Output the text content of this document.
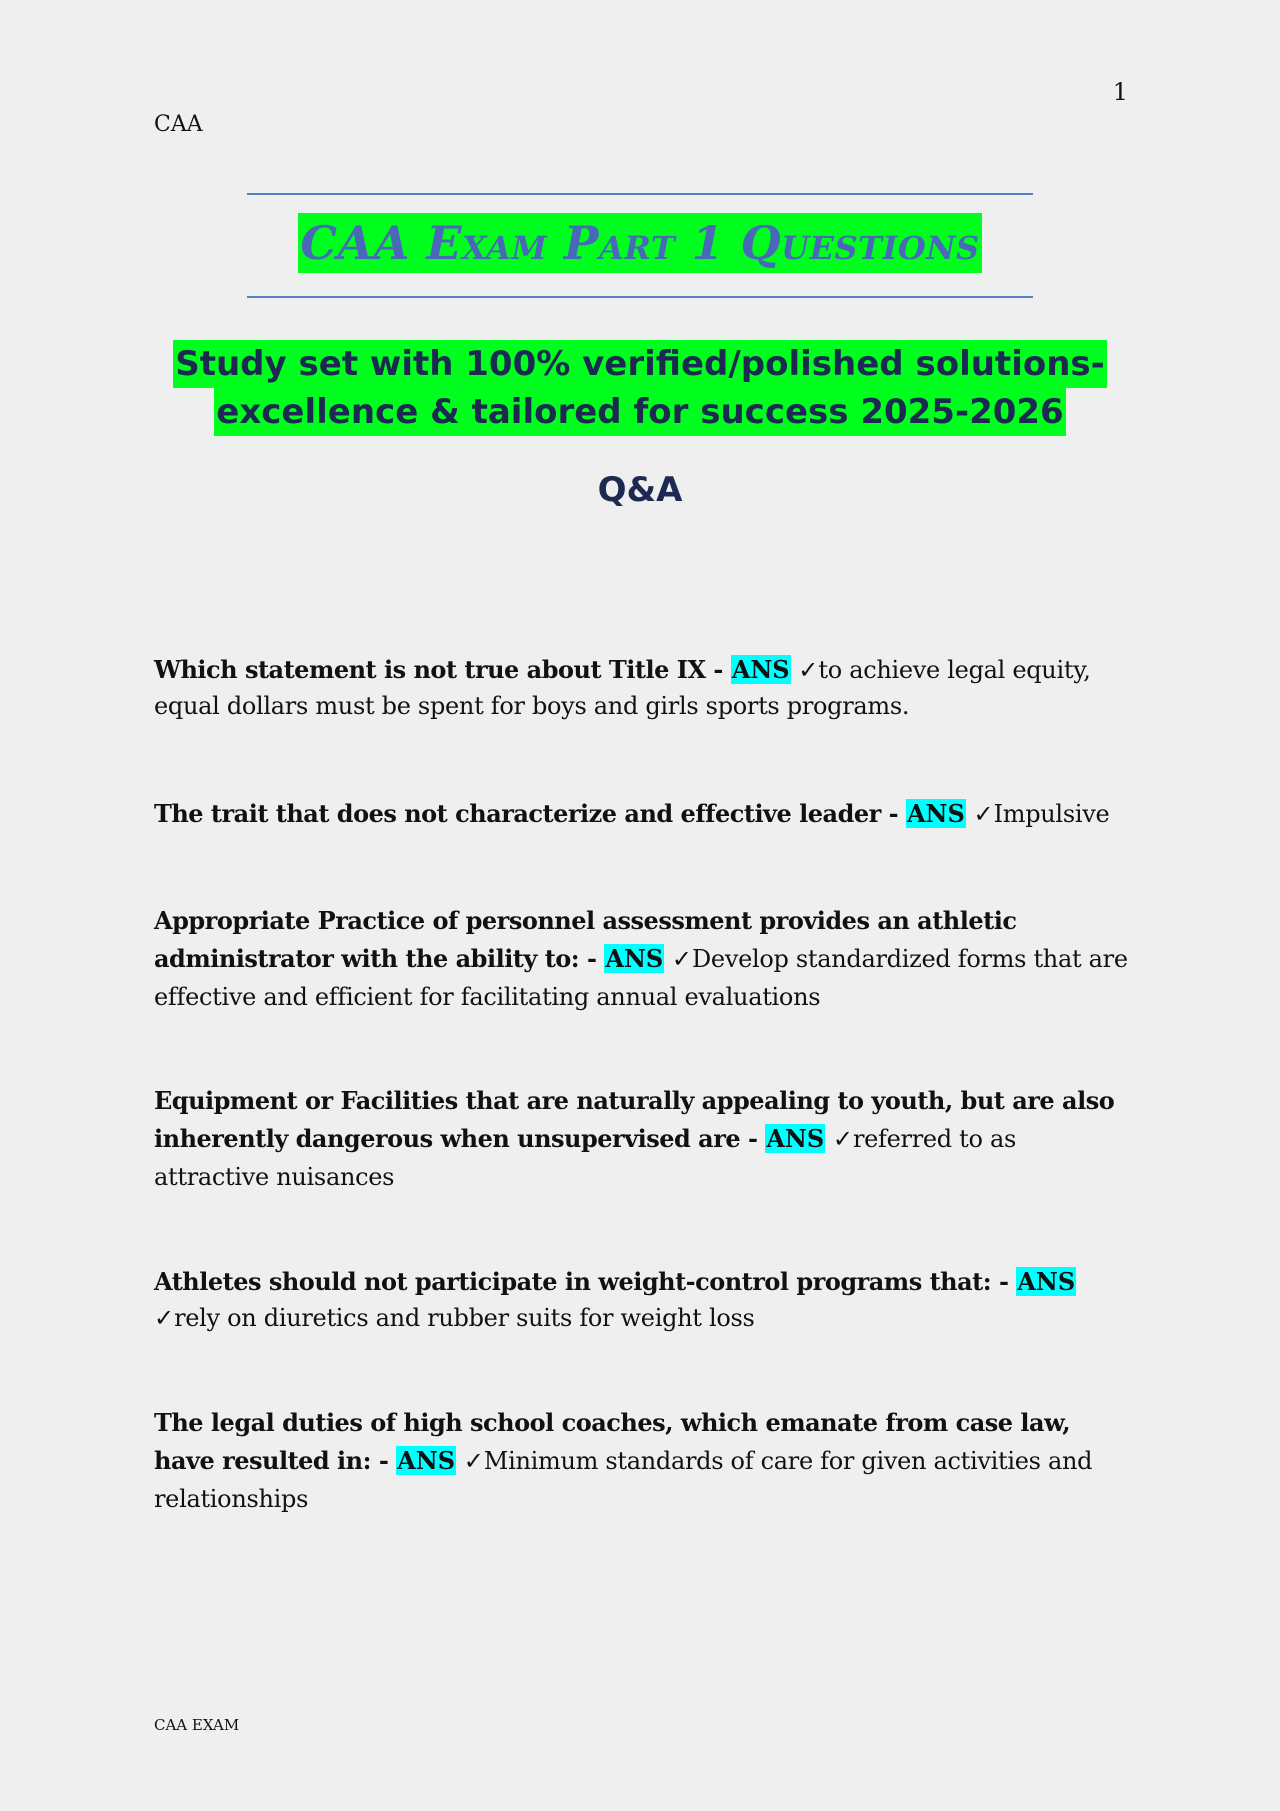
1
CAA
CAA Exam Part 1 Questions
Study set with 100% verified/polished solutions-
excellence & tailored for success 2025-2026
Q&A
Which statement is not true about Title IX - ANS ✓to achieve legal equity, equal dollars must be spent for boys and girls sports programs.
The trait that does not characterize and effective leader - ANS ✓Impulsive
Appropriate Practice of personnel assessment provides an athletic administrator with the ability to: - ANS ✓Develop standardized forms that are effective and efficient for facilitating annual evaluations
Equipment or Facilities that are naturally appealing to youth, but are also inherently dangerous when unsupervised are - ANS ✓referred to as attractive nuisances
Athletes should not participate in weight-control programs that: - ANS ✓rely on diuretics and rubber suits for weight loss
The legal duties of high school coaches, which emanate from case law, have resulted in: - ANS ✓Minimum standards of care for given activities and relationships
CAA EXAM
